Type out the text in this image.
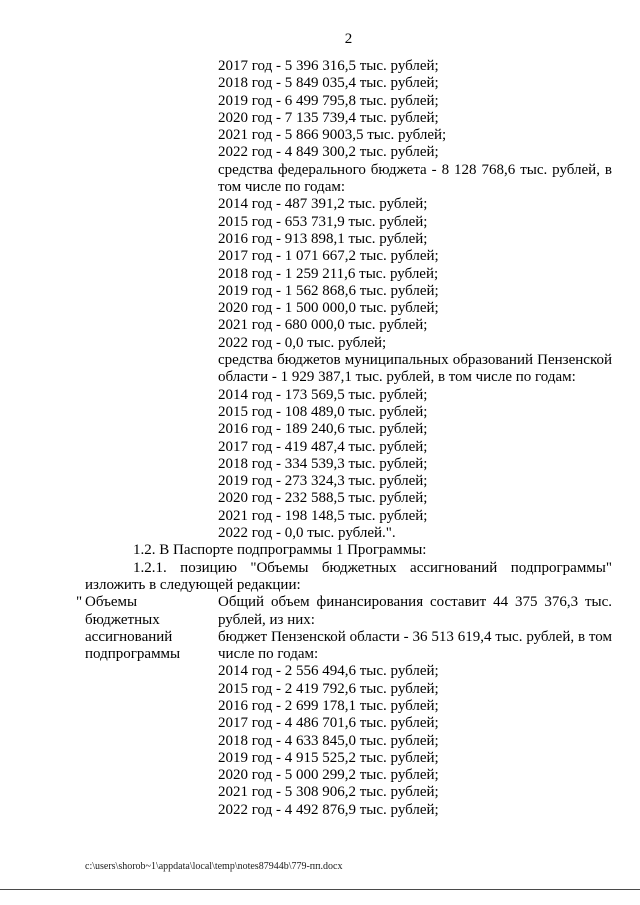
2

2017 год - 5 396 316,5 тыс. рублей;

2018 год - 5 849 035,4 тыс. рублей;

2019 год - 6 499 795,8 тыс. рублей;

2020 год - 7 135 739,4 тыс. рублей;

2021 год - 5 866 9003,5 тыс. рублей;

2022 год - 4 849 300,2 тыс. рублей;

средства федерального бюджета - 8 128 768,6 тыс. рублей, в том числе по годам:

2014 год - 487 391,2 тыс. рублей;

2015 год - 653 731,9 тыс. рублей;

2016 год - 913 898,1 тыс. рублей;

2017 год - 1 071 667,2 тыс. рублей;

2018 год - 1 259 211,6 тыс. рублей;

2019 год - 1 562 868,6 тыс. рублей;

2020 год - 1 500 000,0 тыс. рублей;

2021 год - 680 000,0 тыс. рублей;

2022 год - 0,0 тыс. рублей;

средства бюджетов муниципальных образований Пензенской области - 1 929 387,1 тыс. рублей, в том числе по годам:

2014 год - 173 569,5 тыс. рублей;

2015 год - 108 489,0 тыс. рублей;

2016 год - 189 240,6 тыс. рублей;

2017 год - 419 487,4 тыс. рублей;

2018 год - 334 539,3 тыс. рублей;

2019 год - 273 324,3 тыс. рублей;

2020 год - 232 588,5 тыс. рублей;

2021 год - 198 148,5 тыс. рублей;

2022 год - 0,0 тыс. рублей.".

1.2. В Паспорте подпрограммы 1 Программы:

1.2.1. позицию "Объемы бюджетных ассигнований подпрограммы"

изложить в следующей редакции:

" Объемы бюджетных ассигнований подпрограммы

Общий объем финансирования составит 44 375 376,3 тыс. рублей, из них:

бюджет Пензенской области - 36 513 619,4 тыс. рублей, в том числе по годам:

2014 год - 2 556 494,6 тыс. рублей;

2015 год - 2 419 792,6 тыс. рублей;

2016 год - 2 699 178,1 тыс. рублей;

2017 год - 4 486 701,6 тыс. рублей;

2018 год - 4 633 845,0 тыс. рублей;

2019 год - 4 915 525,2 тыс. рублей;

2020 год - 5 000 299,2 тыс. рублей;

2021 год - 5 308 906,2 тыс. рублей;

2022 год - 4 492 876,9 тыс. рублей;

c:\users\shorob~1\appdata\local\temp\notes87944b\779-пп.docx
